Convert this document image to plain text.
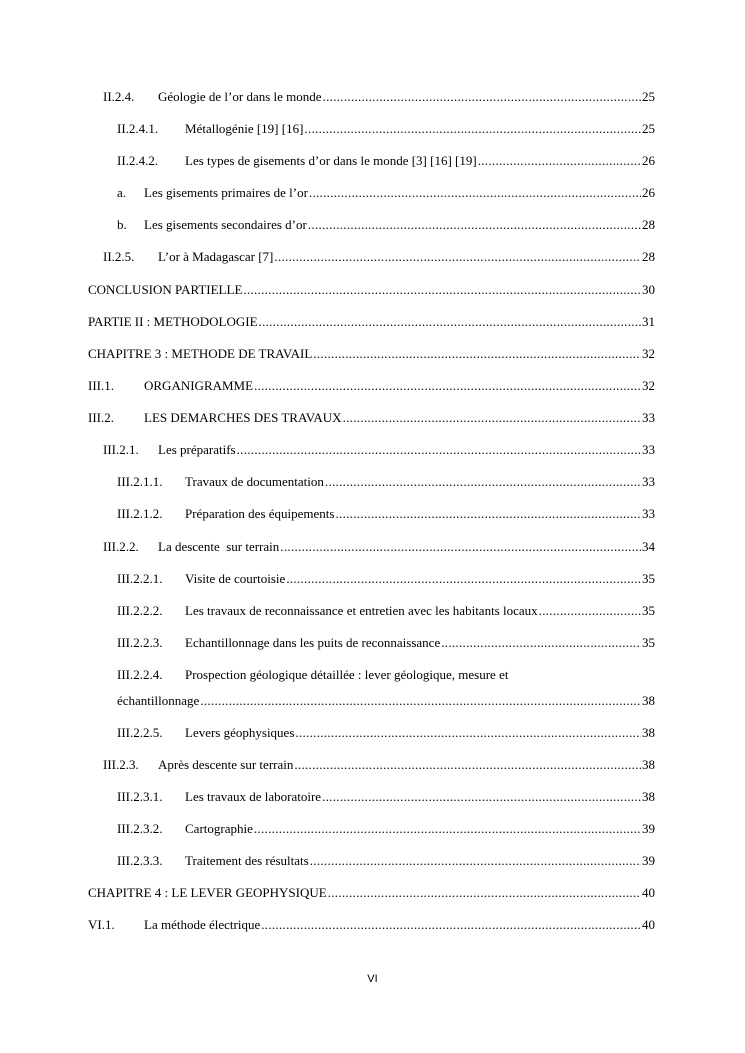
II.2.4. Géologie de l’or dans le monde .....	25
II.2.4.1. Métallogénie [19] [16] .....	25
II.2.4.2. Les types de gisements d’or dans le monde [3] [16] [19] .....	26
a. Les gisements primaires de l’or .....	26
b. Les gisements secondaires d’or .....	28
II.2.5. L’or à Madagascar [7] .....	28
CONCLUSION PARTIELLE .....	30
PARTIE II : METHODOLOGIE .....	31
CHAPITRE 3 : METHODE DE TRAVAIL .....	32
III.1. ORGANIGRAMME .....	32
III.2. LES DEMARCHES DES TRAVAUX .....	33
III.2.1. Les préparatifs .....	33
III.2.1.1. Travaux de documentation .....	33
III.2.1.2. Préparation des équipements .....	33
III.2.2. La descente  sur terrain .....	34
III.2.2.1. Visite de courtoisie .....	35
III.2.2.2. Les travaux de reconnaissance et entretien avec les habitants locaux .....	35
III.2.2.3. Echantillonnage dans les puits de reconnaissance .....	35
III.2.2.4. Prospection géologique détaillée : lever géologique, mesure et
échantillonnage .....	38
III.2.2.5. Levers géophysiques .....	38
III.2.3. Après descente sur terrain .....	38
III.2.3.1. Les travaux de laboratoire .....	38
III.2.3.2. Cartographie .....	39
III.2.3.3. Traitement des résultats .....	39
CHAPITRE 4 : LE LEVER GEOPHYSIQUE .....	40
VI.1. La méthode électrique .....	40
VI
